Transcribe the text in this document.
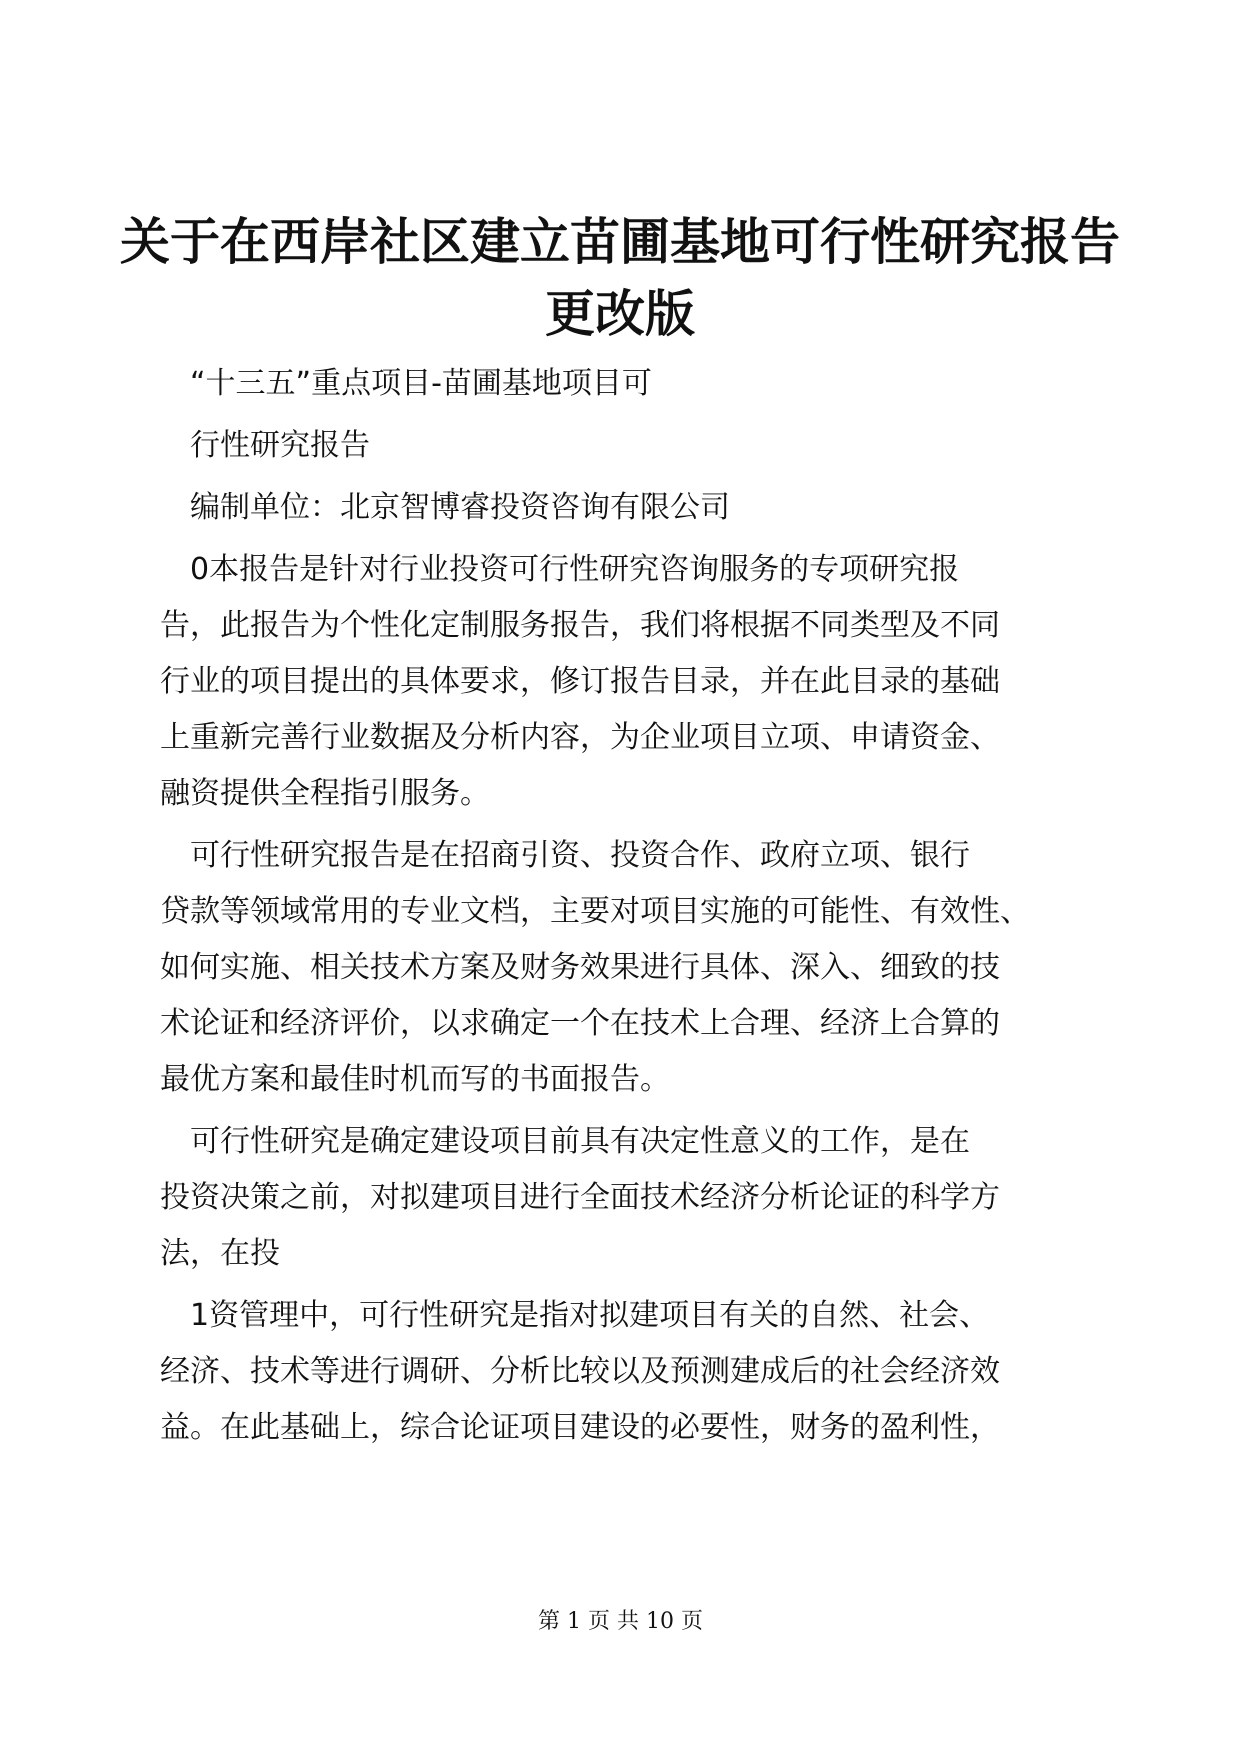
关于在西岸社区建立苗圃基地可行性研究报告
更改版

　“十三五”重点项目-苗圃基地项目可

　行性研究报告

　编制单位：北京智博睿投资咨询有限公司

　0本报告是针对行业投资可行性研究咨询服务的专项研究报

告，此报告为个性化定制服务报告，我们将根据不同类型及不同

行业的项目提出的具体要求，修订报告目录，并在此目录的基础

上重新完善行业数据及分析内容，为企业项目立项、申请资金、

融资提供全程指引服务。

　可行性研究报告是在招商引资、投资合作、政府立项、银行

贷款等领域常用的专业文档，主要对项目实施的可能性、有效性、

如何实施、相关技术方案及财务效果进行具体、深入、细致的技

术论证和经济评价，以求确定一个在技术上合理、经济上合算的

最优方案和最佳时机而写的书面报告。

　可行性研究是确定建设项目前具有决定性意义的工作，是在

投资决策之前，对拟建项目进行全面技术经济分析论证的科学方

法，在投

　1资管理中，可行性研究是指对拟建项目有关的自然、社会、

经济、技术等进行调研、分析比较以及预测建成后的社会经济效

益。在此基础上，综合论证项目建设的必要性，财务的盈利性，

第 1 页 共 10 页
